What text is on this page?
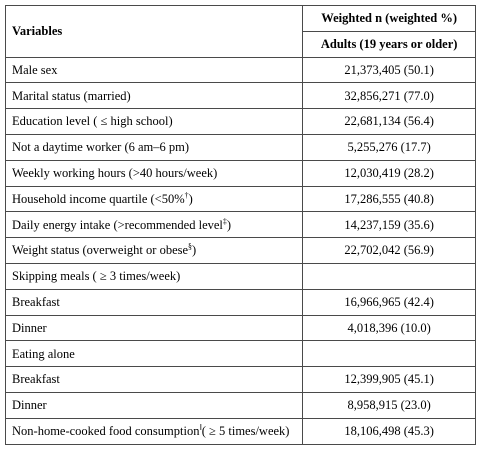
Variables	Weighted n (weighted %)
	Adults (19 years or older)
Male sex	21,373,405 (50.1)
Marital status (married)	32,856,271 (77.0)
Education level ( ≤ high school)	22,681,134 (56.4)
Not a daytime worker (6 am–6 pm)	5,255,276 (17.7)
Weekly working hours (>40 hours/week)	12,030,419 (28.2)
Household income quartile (<50%†)	17,286,555 (40.8)
Daily energy intake (>recommended level‡)	14,237,159 (35.6)
Weight status (overweight or obese§)	22,702,042 (56.9)
Skipping meals ( ≥ 3 times/week)	
Breakfast	16,966,965 (42.4)
Dinner	4,018,396 (10.0)
Eating alone	
Breakfast	12,399,905 (45.1)
Dinner	8,958,915 (23.0)
Non-home-cooked food consumption‖( ≥ 5 times/week)	18,106,498 (45.3)
